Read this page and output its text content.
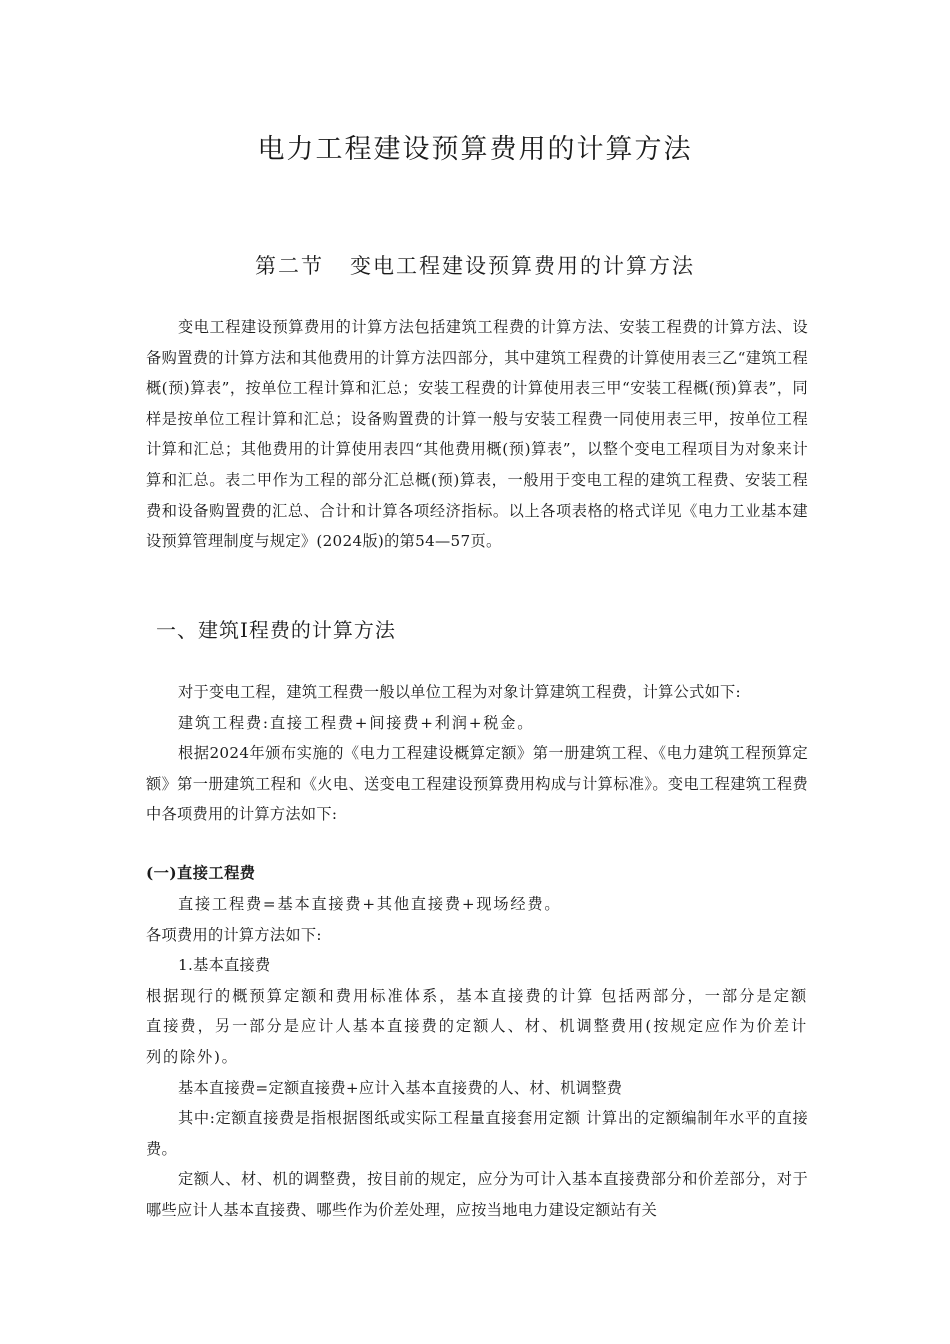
电力工程建设预算费用的计算方法
第二节 变电工程建设预算费用的计算方法

变电工程建设预算费用的计算方法包括建筑工程费的计算方法、安装工程费的计算方法、设备购置费的计算方法和其他费用的计算方法四部分，其中建筑工程费的计算使用表三乙“建筑工程概(预)算表”，按单位工程计算和汇总；安装工程费的计算使用表三甲“安装工程概(预)算表”，同样是按单位工程计算和汇总；设备购置费的计算一般与安装工程费一同使用表三甲，按单位工程计算和汇总；其他费用的计算使用表四“其他费用概(预)算表”，以整个变电工程项目为对象来计算和汇总。表二甲作为工程的部分汇总概(预)算表，一般用于变电工程的建筑工程费、安装工程费和设备购置费的汇总、合计和计算各项经济指标。以上各项表格的格式详见《电力工业基本建设预算管理制度与规定》(2024版)的第54—57页。

一、建筑I程费的计算方法

对于变电工程，建筑工程费一般以单位工程为对象计算建筑工程费，计算公式如下:

建筑工程费:直接工程费+间接费+利润+税金。

根据2024年颁布实施的《电力工程建设概算定额》第一册建筑工程、《电力建筑工程预算定额》第一册建筑工程和《火电、送变电工程建设预算费用构成与计算标准》。变电工程建筑工程费中各项费用的计算方法如下:

(一)直接工程费

直接工程费=基本直接费+其他直接费+现场经费。

各项费用的计算方法如下:

1.基本直接费

根据现行的概预算定额和费用标准体系，基本直接费的计算 包括两部分，一部分是定额直接费，另一部分是应计人基本直接费的定额人、材、机调整费用(按规定应作为价差计列的除外)。

基本直接费=定额直接费+应计入基本直接费的人、材、机调整费

其中:定额直接费是指根据图纸或实际工程量直接套用定额 计算出的定额编制年水平的直接费。

定额人、材、机的调整费，按目前的规定，应分为可计入基本直接费部分和价差部分，对于哪些应计人基本直接费、哪些作为价差处理，应按当地电力建设定额站有关
